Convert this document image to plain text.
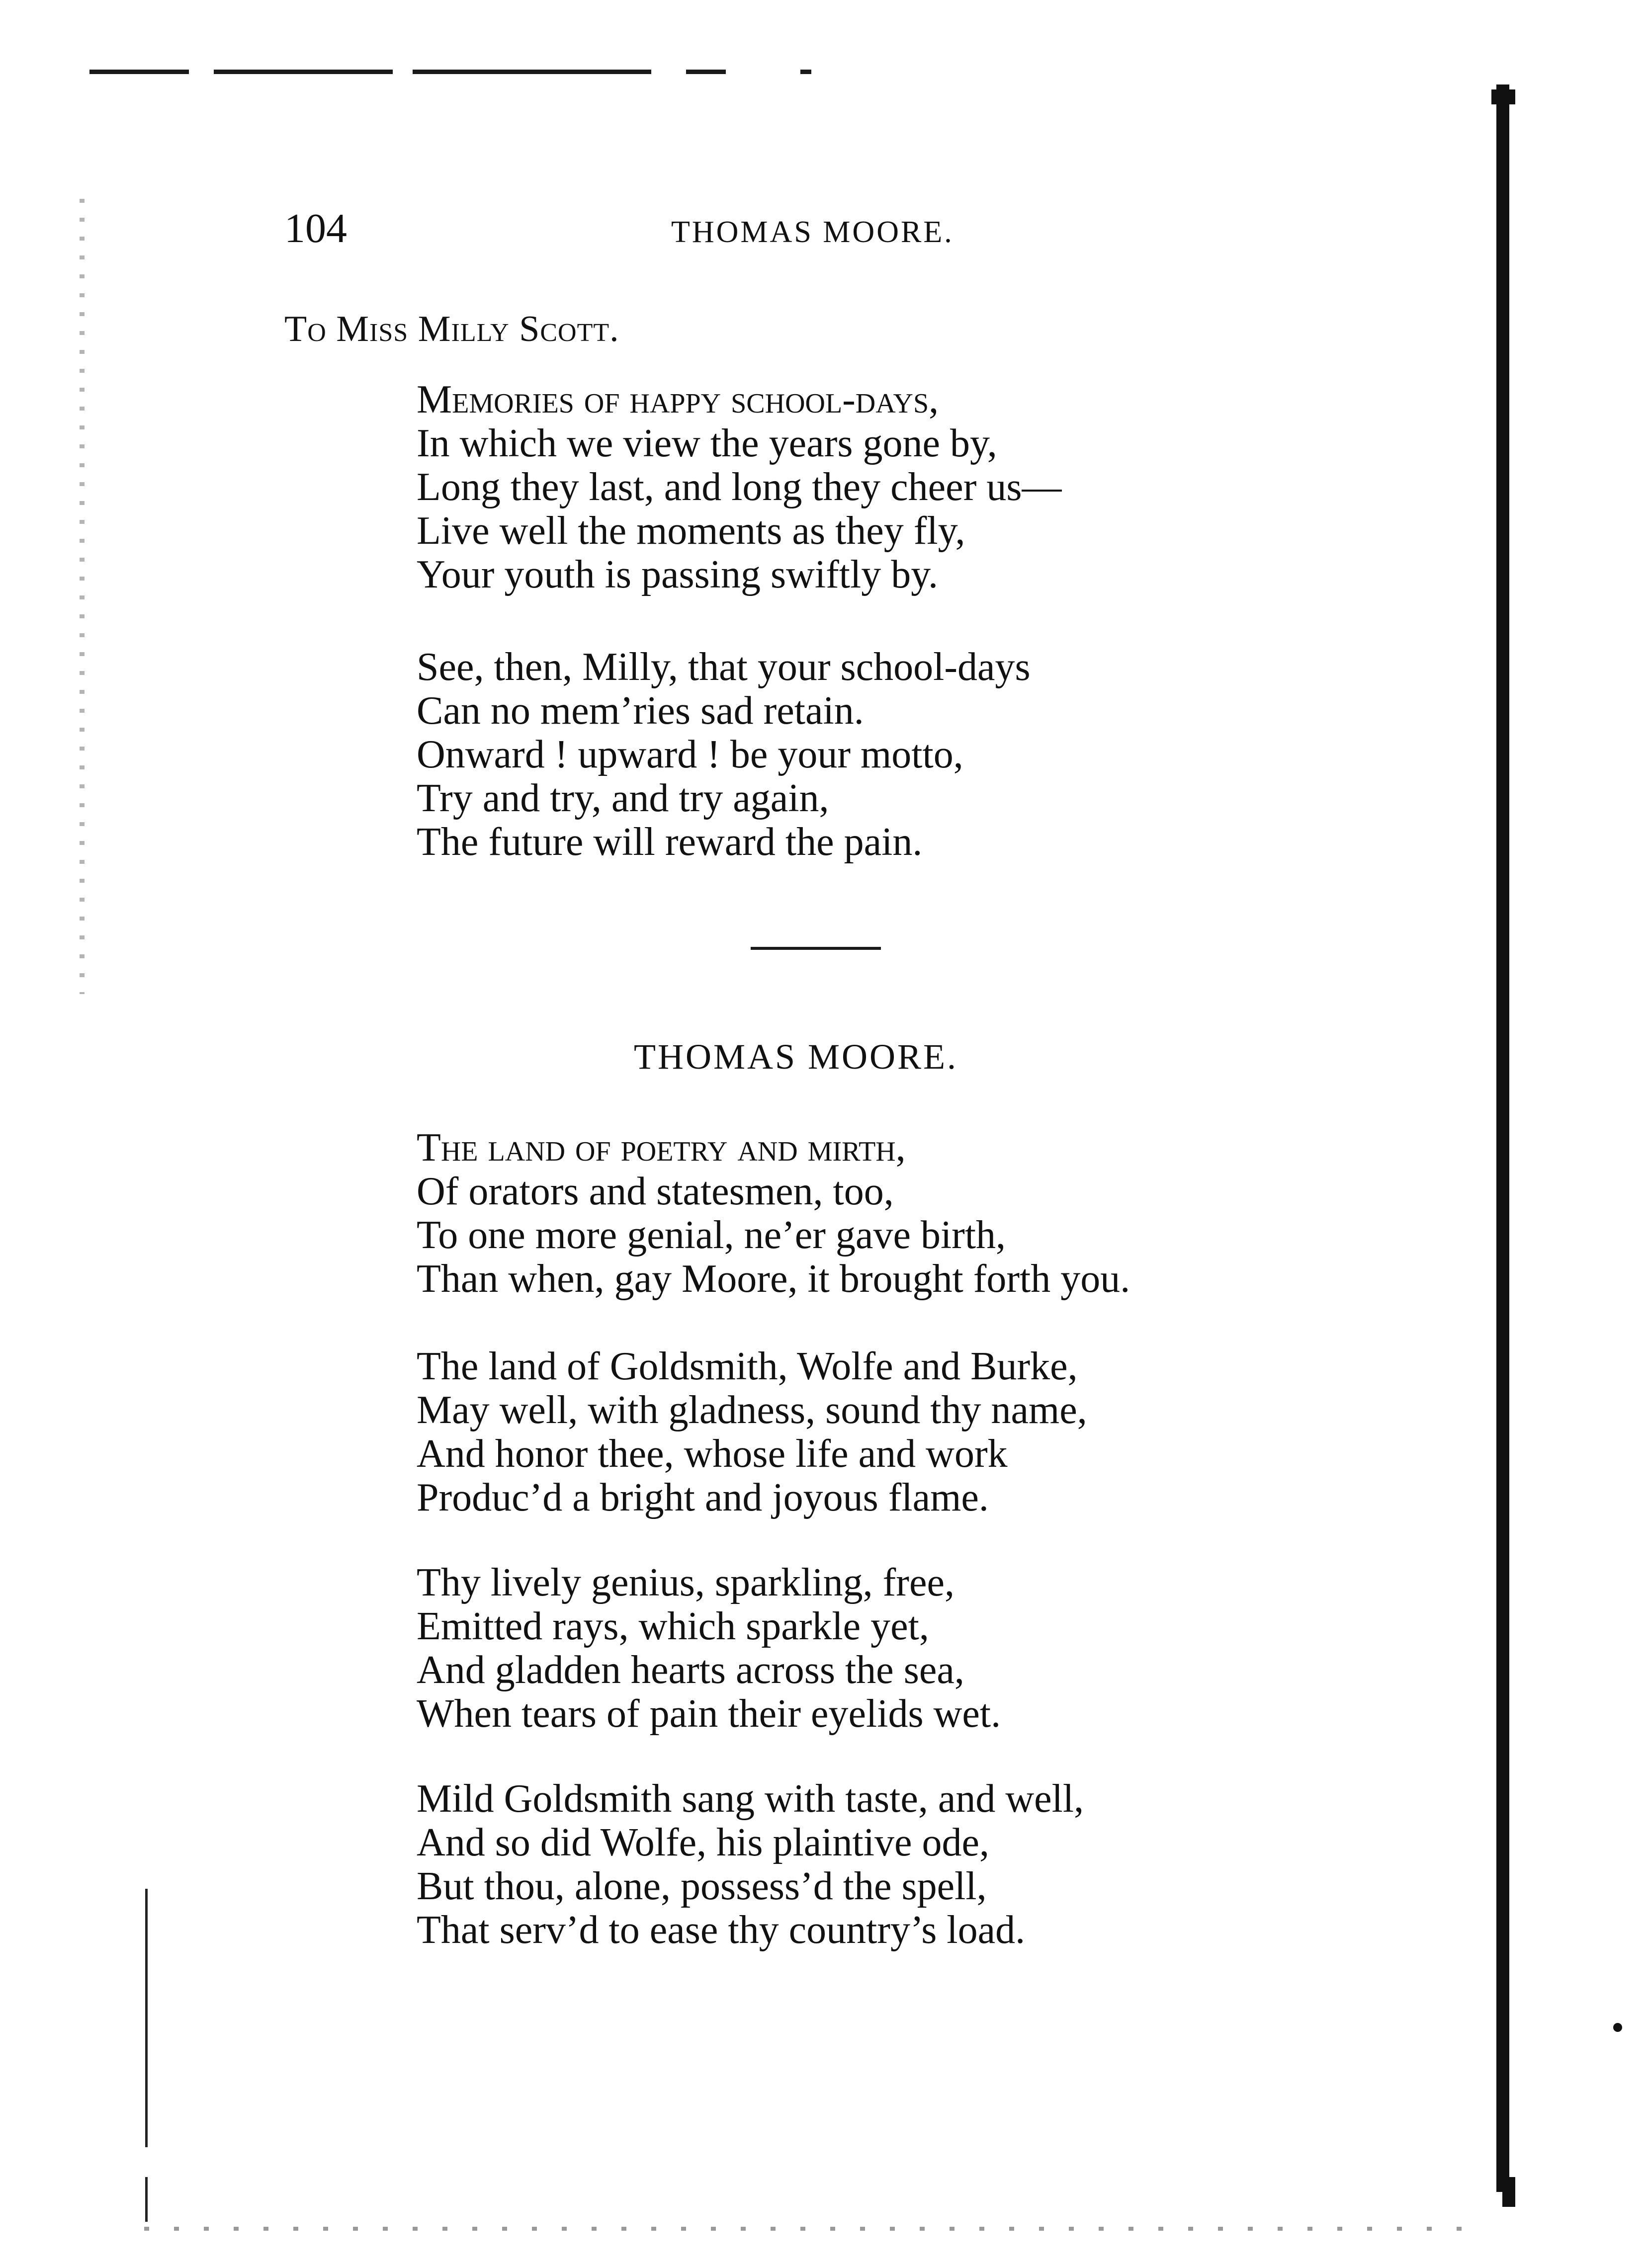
104	THOMAS MOORE.
To Miss Milly Scott.
Memories of happy school-days,
In which we view the years gone by,
Long they last, and long they cheer us—
Live well the moments as they fly,
Your youth is passing swiftly by.
See, then, Milly, that your school-days
Can no mem’ries sad retain.
Onward ! upward ! be your motto,
Try and try, and try again,
The future will reward the pain.
THOMAS MOORE.
The land of poetry and mirth,
Of orators and statesmen, too,
To one more genial, ne’er gave birth,
Than when, gay Moore, it brought forth you.
The land of Goldsmith, Wolfe and Burke,
May well, with gladness, sound thy name,
And honor thee, whose life and work
Produc’d a bright and joyous flame.
Thy lively genius, sparkling, free,
Emitted rays, which sparkle yet,
And gladden hearts across the sea,
When tears of pain their eyelids wet.
Mild Goldsmith sang with taste, and well,
And so did Wolfe, his plaintive ode,
But thou, alone, possess’d the spell,
That serv’d to ease thy country’s load.
